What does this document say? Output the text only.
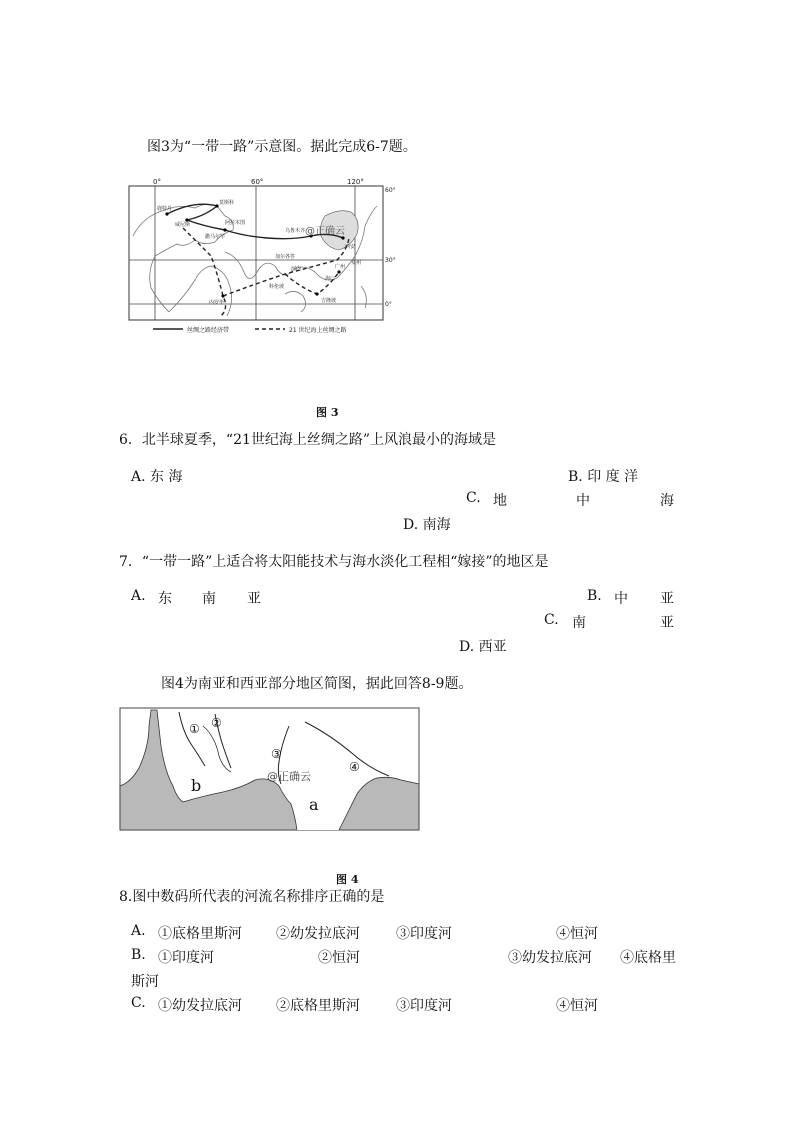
图3为“一带一路”示意图。据此完成6-7题。
0°	60°	120°
60°
30°
0°
鹿特丹
莫斯科
威尼斯	阿拉木图
撒马尔罕
乌鲁木齐
西安
泉州
广州
海口
河内
吉隆坡
科伦坡
内罗毕
加尔各答
@正确云
丝绸之路经济带	21 世纪海上丝绸之路
图 3
6．北半球夏季，“21世纪海上丝绸之路”上风浪最小的海域是
A. 东 海	B. 印 度 洋
C. 地	中	海
D. 南海
7．“一带一路”上适合将太阳能技术与海水淡化工程相“嫁接”的地区是
A. 东 南 亚	B. 中 亚
C. 南	亚
D. 西亚
图4为南亚和西亚部分地区简图，据此回答8-9题。
① ②
③
④
b
a
@正确云
图 4
8.图中数码所代表的河流名称排序正确的是
A. ①底格里斯河 ②幼发拉底河	③印度河	④恒河
B. ①印度河	②恒河	③幼发拉底河 ④底格里
斯河
C. ①幼发拉底河 ②底格里斯河	③印度河	④恒河
